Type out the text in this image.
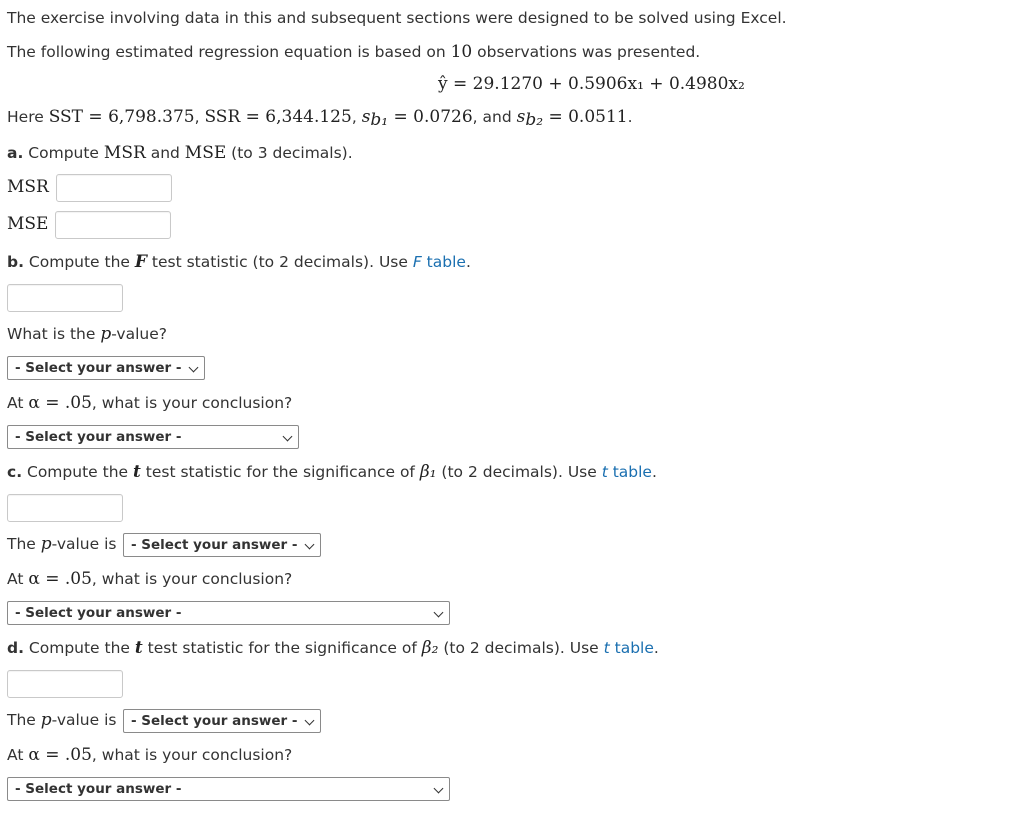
The exercise involving data in this and subsequent sections were designed to be solved using Excel.
The following estimated regression equation is based on 10 observations was presented.
ŷ = 29.1270 + 0.5906x₁ + 0.4980x₂
Here SST = 6,798.375, SSR = 6,344.125, $s_{b_1} = 0.0726$, and $s_{b_2} = 0.0511$.
a. Compute MSR and MSE (to 3 decimals).
MSR
MSE
b. Compute the F test statistic (to 2 decimals). Use F table.
What is the p-value?
- Select your answer -
At α = .05, what is your conclusion?
- Select your answer -
c. Compute the t test statistic for the significance of β₁ (to 2 decimals). Use t table.
The p-value is	- Select your answer -
At α = .05, what is your conclusion?
- Select your answer -
d. Compute the t test statistic for the significance of β₂ (to 2 decimals). Use t table.
The p-value is	- Select your answer -
At α = .05, what is your conclusion?
- Select your answer -
